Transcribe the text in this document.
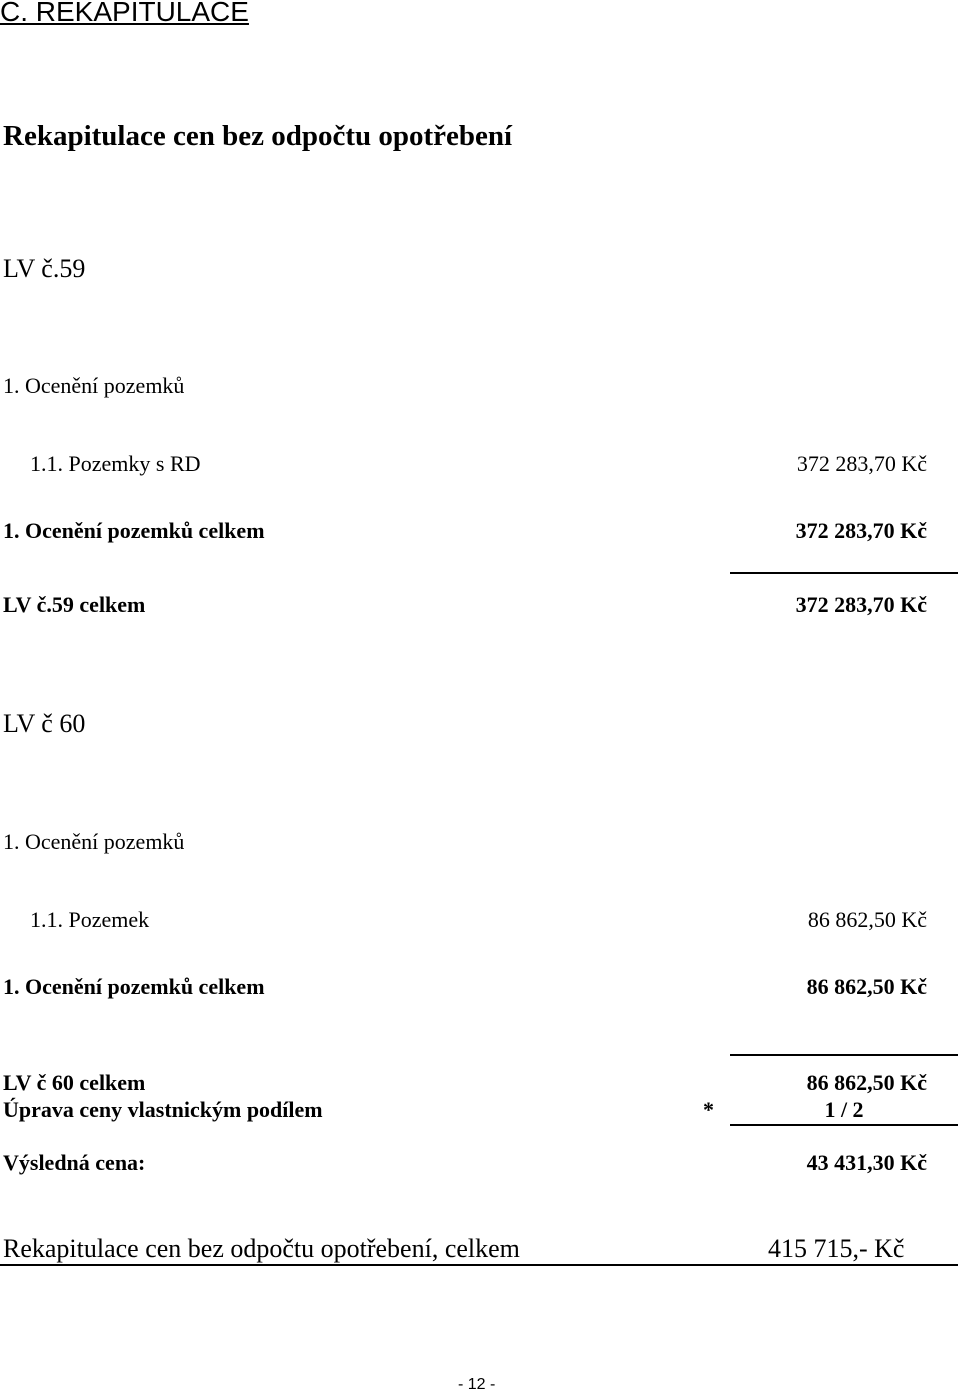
C. REKAPITULACE
Rekapitulace cen bez odpočtu opotřebení
LV č.59
1. Ocenění pozemků
1.1. Pozemky s RD	372 283,70 Kč
1. Ocenění pozemků celkem	372 283,70 Kč
LV č.59 celkem	372 283,70 Kč
LV č 60
1. Ocenění pozemků
1.1. Pozemek	86 862,50 Kč
1. Ocenění pozemků celkem	86 862,50 Kč
LV č 60 celkem	86 862,50 Kč
Úprava ceny vlastnickým podílem	*	1 / 2
Výsledná cena:	43 431,30 Kč
Rekapitulace cen bez odpočtu opotřebení, celkem	415 715,- Kč
- 12 -
